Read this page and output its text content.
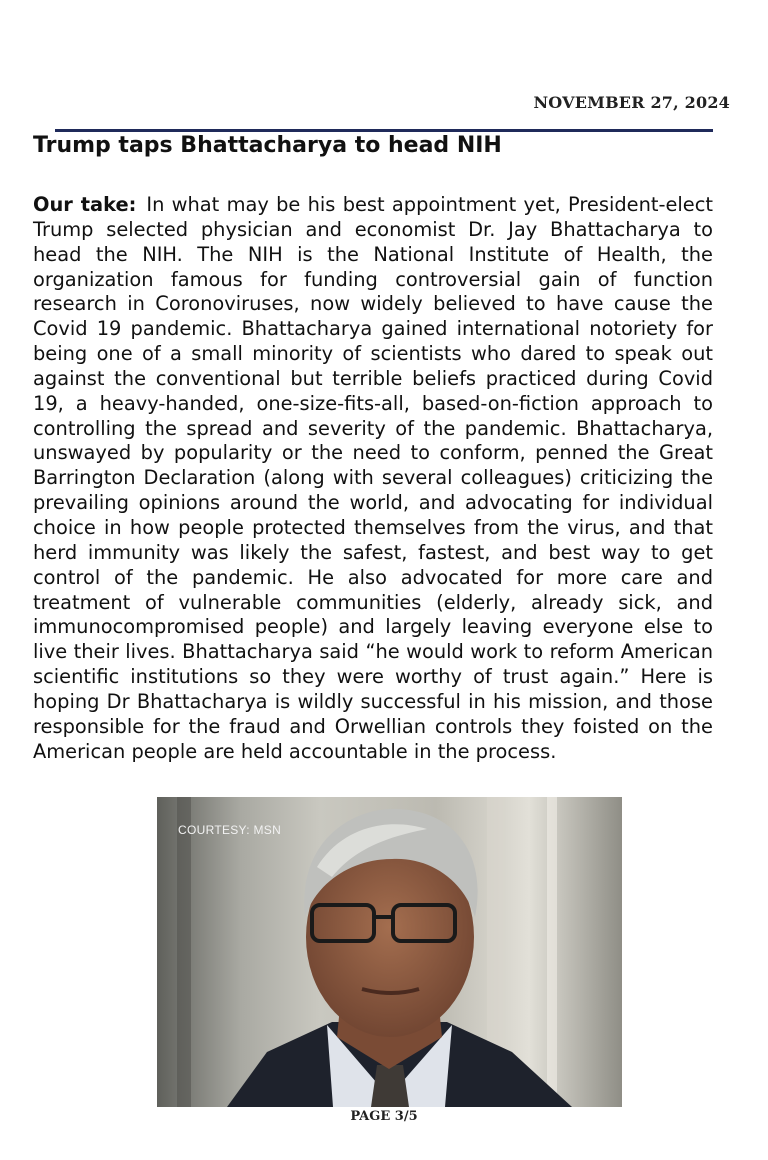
NOVEMBER 27, 2024
Trump taps Bhattacharya to head NIH

Our take: In what may be his best appointment yet, President-elect Trump selected physician and economist Dr. Jay Bhattacharya to head the NIH. The NIH is the National Institute of Health, the organization famous for funding controversial gain of function research in Coronoviruses, now widely believed to have cause the Covid 19 pandemic. Bhattacharya gained international notoriety for being one of a small minority of scientists who dared to speak out against the conventional but terrible beliefs practiced during Covid 19, a heavy-handed, one-size-fits-all, based-on-fiction approach to controlling the spread and severity of the pandemic. Bhattacharya, unswayed by popularity or the need to conform, penned the Great Barrington Declaration (along with several colleagues) criticizing the prevailing opinions around the world, and advocating for individual choice in how people protected themselves from the virus, and that herd immunity was likely the safest, fastest, and best way to get control of the pandemic. He also advocated for more care and treatment of vulnerable communities (elderly, already sick, and immunocompromised people) and largely leaving everyone else to live their lives. Bhattacharya said “he would work to reform American scientific institutions so they were worthy of trust again.” Here is hoping Dr Bhattacharya is wildly successful in his mission, and those responsible for the fraud and Orwellian controls they foisted on the American people are held accountable in the process.

COURTESY: MSN
PAGE 3/5
